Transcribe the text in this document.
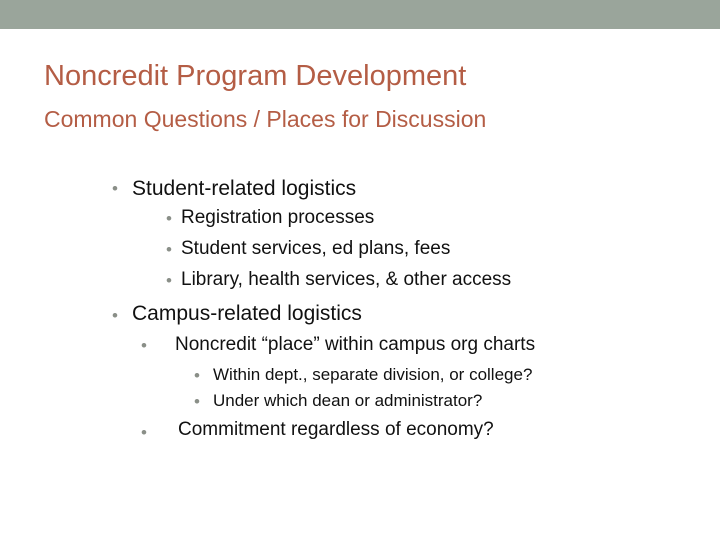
Noncredit Program Development
Common Questions / Places for Discussion
• Student-related logistics
• Registration processes
• Student services, ed plans, fees
• Library, health services, & other access
• Campus-related logistics
• Noncredit “place” within campus org charts
• Within dept., separate division, or college?
• Under which dean or administrator?
• Commitment regardless of economy?
